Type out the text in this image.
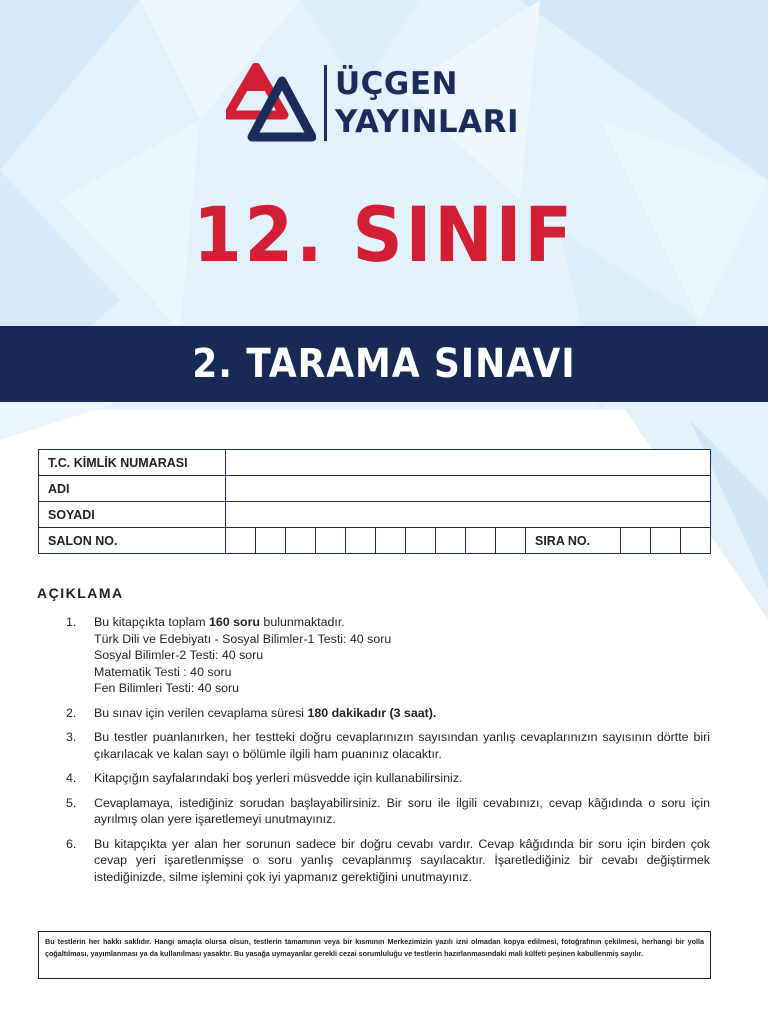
ÜÇGEN
YAYINLARI
12. SINIF
2. TARAMA SINAVI
T.C. KİMLİK NUMARASI														
ADI														
SOYADI														
SALON NO.											SIRA NO.			
AÇIKLAMA
1.	Bu kitapçıkta toplam 160 soru bulunmaktadır.
Türk Dili ve Edebiyatı - Sosyal Bilimler-1 Testi: 40 soru
Sosyal Bilimler-2 Testi: 40 soru
Matematik Testi : 40 soru
Fen Bilimleri Testi: 40 soru
2.	Bu sınav için verilen cevaplama süresi 180 dakikadır (3 saat).
3.	Bu testler puanlanırken, her testteki doğru cevaplarınızın sayısından yanlış cevaplarınızın sayısının dörtte biri çıkarılacak ve kalan sayı o bölümle ilgili ham puanınız olacaktır.
4.	Kitapçığın sayfalarındaki boş yerleri müsvedde için kullanabilirsiniz.
5.	Cevaplamaya, istediğiniz sorudan başlayabilirsiniz. Bir soru ile ilgili cevabınızı, cevap kâğıdında o soru için ayrılmış olan yere işaretlemeyi unutmayınız.
6.	Bu kitapçıkta yer alan her sorunun sadece bir doğru cevabı vardır. Cevap kâğıdında bir soru için birden çok cevap yeri işaretlenmişse o soru yanlış cevaplanmış sayılacaktır. İşaretlediğiniz bir cevabı değiştirmek istediğinizde, silme işlemini çok iyi yapmanız gerektiğini unutmayınız.
Bu testlerin her hakkı saklıdır. Hangi amaçla olursa olsun, testlerin tamamının veya bir kısmının Merkezimizin yazılı izni olmadan kopya edilmesi, fotoğrafının çekilmesi, herhangi bir yolla çoğaltılması, yayımlanması ya da kullanılması yasaktır. Bu yasağa uymayanlar gerekli cezai sorumluluğu ve testlerin hazırlanmasındaki mali külfeti peşinen kabullenmiş sayılır.
